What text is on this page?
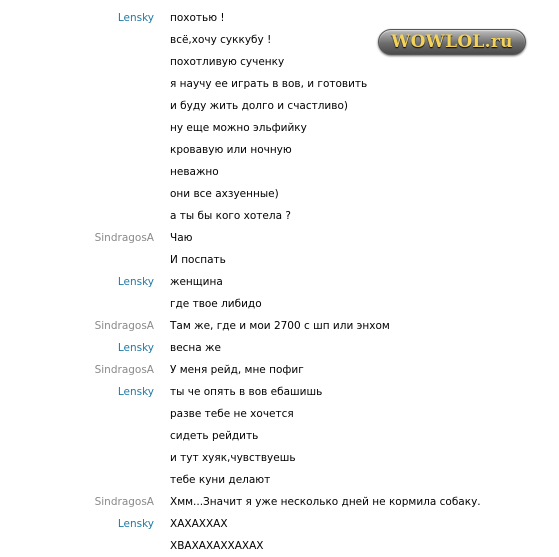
Lensky похотью !
всё,хочу суккубу !
похотливую сученку
я научу ее играть в вов, и готовить
и буду жить долго и счастливо)
ну еще можно эльфийку
кровавую или ночную
неважно
они все ахзуенные)
а ты бы кого хотела ?
SindragosA Чаю
И поспать
Lensky женщина
где твое либидо
SindragosA Там же, где и мои 2700 с шп или энхом
Lensky весна же
SindragosA У меня рейд, мне пофиг
Lensky ты че опять в вов ебашишь
разве тебе не хочется
сидеть рейдить
и тут хуяк,чувствуешь
тебе куни делают
SindragosA Хмм...Значит я уже несколько дней не кормила собаку.
Lensky ХАХАХХАХ
ХВАХАХАХХАХАХ
WOWLOL.ru
